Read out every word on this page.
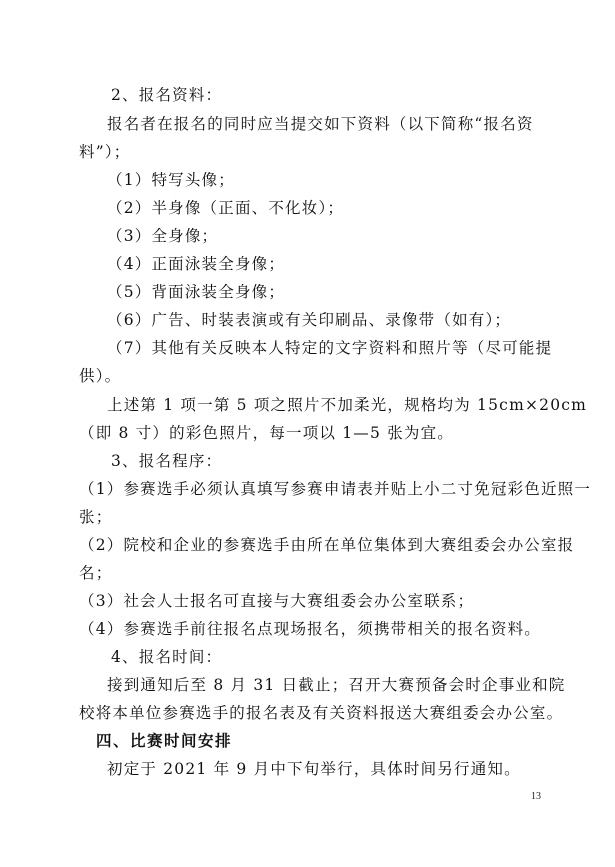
2、报名资料：
报名者在报名的同时应当提交如下资料（以下简称“报名资
料”）；
（1）特写头像；
（2）半身像（正面、不化妆）；
（3）全身像；
（4）正面泳装全身像；
（5）背面泳装全身像；
（6）广告、时装表演或有关印刷品、录像带（如有）；
（7）其他有关反映本人特定的文字资料和照片等（尽可能提
供）。
上述第 1 项一第 5 项之照片不加柔光，规格均为 15cm×20cm
（即 8 寸）的彩色照片，每一项以 1—5 张为宜。
3、报名程序：
（1）参赛选手必须认真填写参赛申请表并贴上小二寸免冠彩色近照一
张；
（2）院校和企业的参赛选手由所在单位集体到大赛组委会办公室报
名；
（3）社会人士报名可直接与大赛组委会办公室联系；
（4）参赛选手前往报名点现场报名，须携带相关的报名资料。
4、报名时间：
接到通知后至 8 月 31 日截止；召开大赛预备会时企事业和院
校将本单位参赛选手的报名表及有关资料报送大赛组委会办公室。
四、比赛时间安排
初定于 2021 年 9 月中下旬举行，具体时间另行通知。
13
